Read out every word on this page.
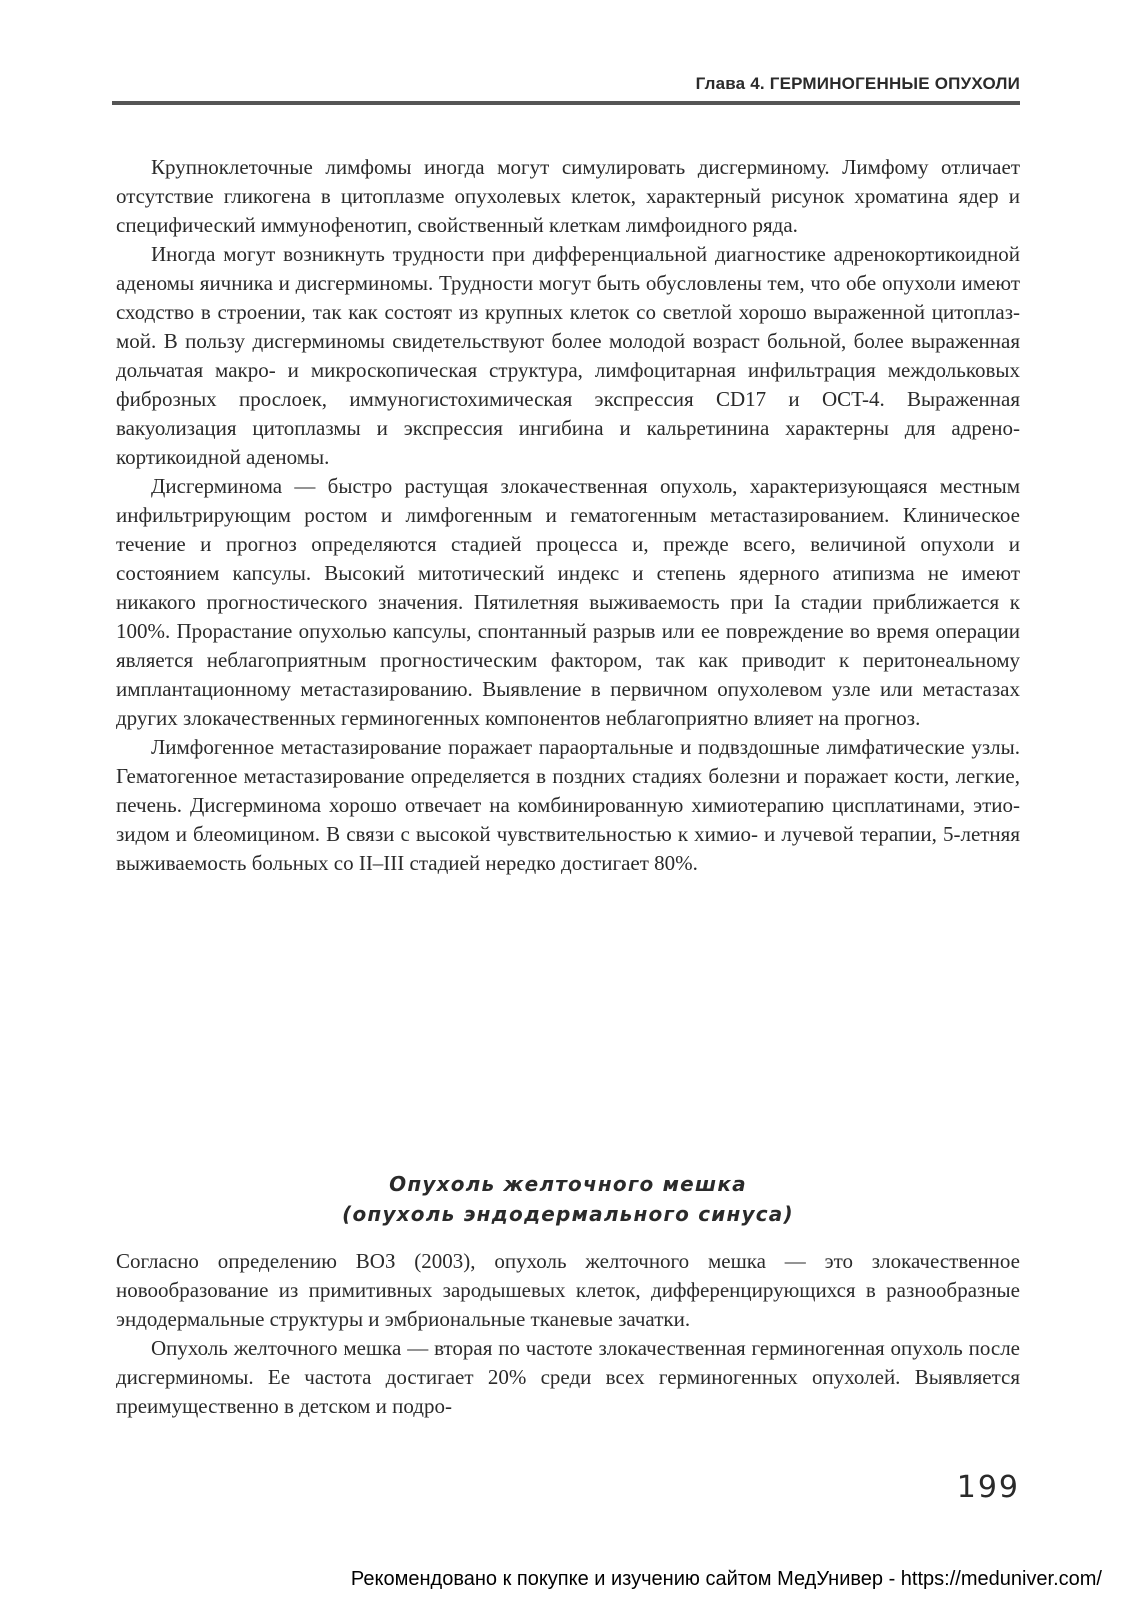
Глава 4. ГЕРМИНОГЕННЫЕ ОПУХОЛИ

Крупноклеточные лимфомы иногда могут симулировать дисгерминому. Лимфому отличает отсутствие гликогена в цитоплазме опухолевых клеток, характерный рисунок хроматина ядер и специфический иммунофенотип, свойственный клеткам лимфоидного ряда.

Иногда могут возникнуть трудности при дифференциальной диагностике адренокортикоидной аденомы яичника и дисгерминомы. Трудности могут быть обусловлены тем, что обе опухоли имеют сходство в строении, так как состоят из крупных клеток со светлой хорошо выраженной цитоплазмой. В пользу дисгерминомы свидетельствуют более молодой возраст больной, более выраженная дольчатая макро- и микроскопическая структура, лимфоцитарная инфильтрация междольковых фиброзных прослоек, иммуногистохимическая экспрессия CD17 и OCT-4. Выраженная вакуолизация цитоплазмы и экспрессия ингибина и кальретинина характерны для адренокортикоидной аденомы.

Дисгерминома — быстро растущая злокачественная опухоль, характеризующаяся местным инфильтрирующим ростом и лимфогенным и гематогенным метастазированием. Клиническое течение и прогноз определяются стадией процесса и, прежде всего, величиной опухоли и состоянием капсулы. Высокий митотический индекс и степень ядерного атипизма не имеют никакого прогностического значения. Пятилетняя выживаемость при Ia стадии приближается к 100%. Прорастание опухолью капсулы, спонтанный разрыв или ее повреждение во время операции является неблагоприятным прогностическим фактором, так как приводит к перитонеальному имплантационному метастазированию. Выявление в первичном опухолевом узле или метастазах других злокачественных герминогенных компонентов неблагоприятно влияет на прогноз.

Лимфогенное метастазирование поражает параортальные и подвздошные лимфатические узлы. Гематогенное метастазирование определяется в поздних стадиях болезни и поражает кости, легкие, печень. Дисгерминома хорошо отвечает на комбинированную химиотерапию цисплатинами, этиозидом и блеомицином. В связи с высокой чувствительностью к химио- и лучевой терапии, 5-летняя выживаемость больных со II–III стадией нередко достигает 80%.

Опухоль желточного мешка
(опухоль эндодермального синуса)

Согласно определению ВОЗ (2003), опухоль желточного мешка — это злокачественное новообразование из примитивных зародышевых клеток, дифференцирующихся в разнообразные эндодермальные структуры и эмбриональные тканевые зачатки.

Опухоль желточного мешка — вторая по частоте злокачественная герминогенная опухоль после дисгерминомы. Ее частота достигает 20% среди всех герминогенных опухолей. Выявляется преимущественно в детском и подро-

199
Рекомендовано к покупке и изучению сайтом МедУнивер - https://meduniver.com/
